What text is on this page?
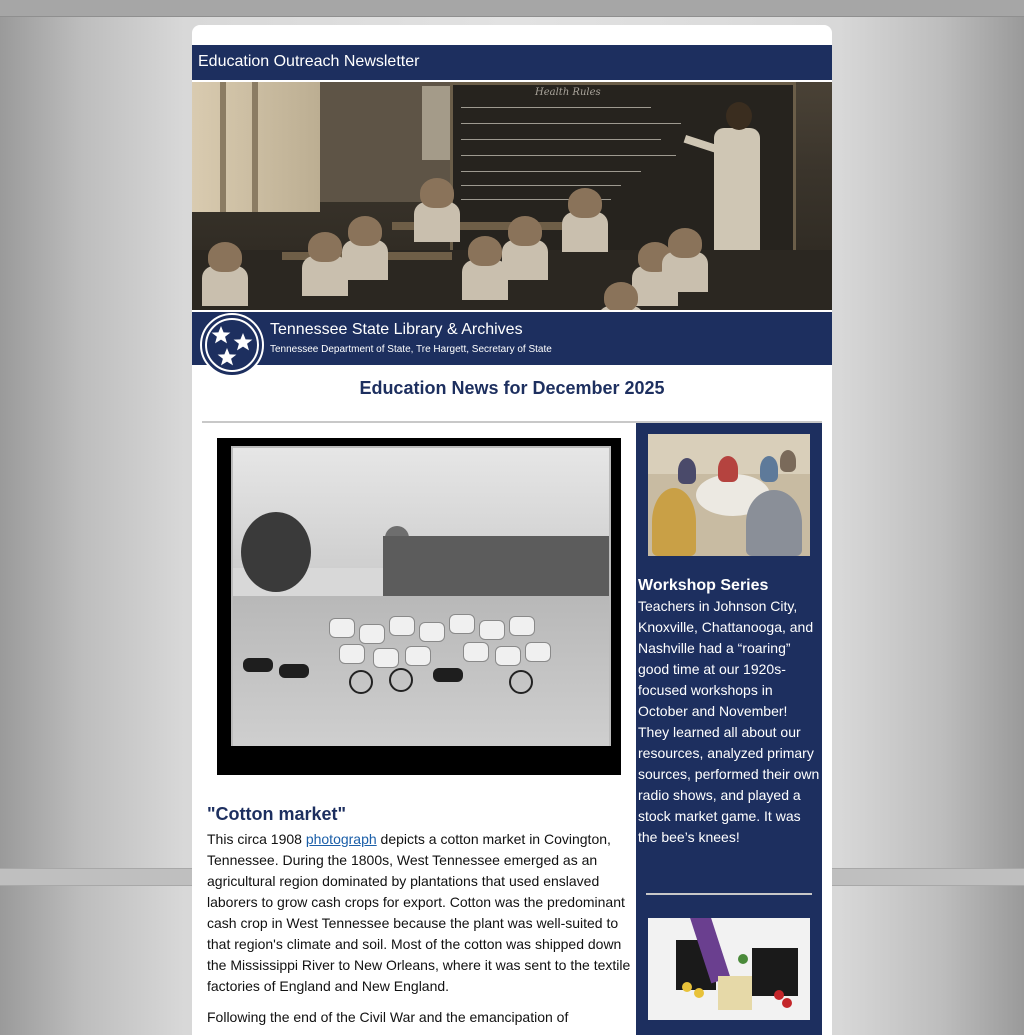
Education Outreach Newsletter
Health Rules
Tennessee State Library & Archives
Tennessee Department of State, Tre Hargett, Secretary of State
Education News for December 2025
"Cotton market"

This circa 1908 photograph depicts a cotton market in Covington, Tennessee. During the 1800s, West Tennessee emerged as an agricultural region dominated by plantations that used enslaved laborers to grow cash crops for export. Cotton was the predominant cash crop in West Tennessee because the plant was well-suited to that region's climate and soil. Most of the cotton was shipped down the Mississippi River to New Orleans, where it was sent to the textile factories of England and New England.

Following the end of the Civil War and the emancipation of

Workshop Series
Teachers in Johnson City, Knoxville, Chattanooga, and Nashville had a “roaring” good time at our 1920s-focused workshops in October and November! They learned all about our resources, analyzed primary sources, performed their own radio shows, and played a stock market game. It was the bee’s knees!
